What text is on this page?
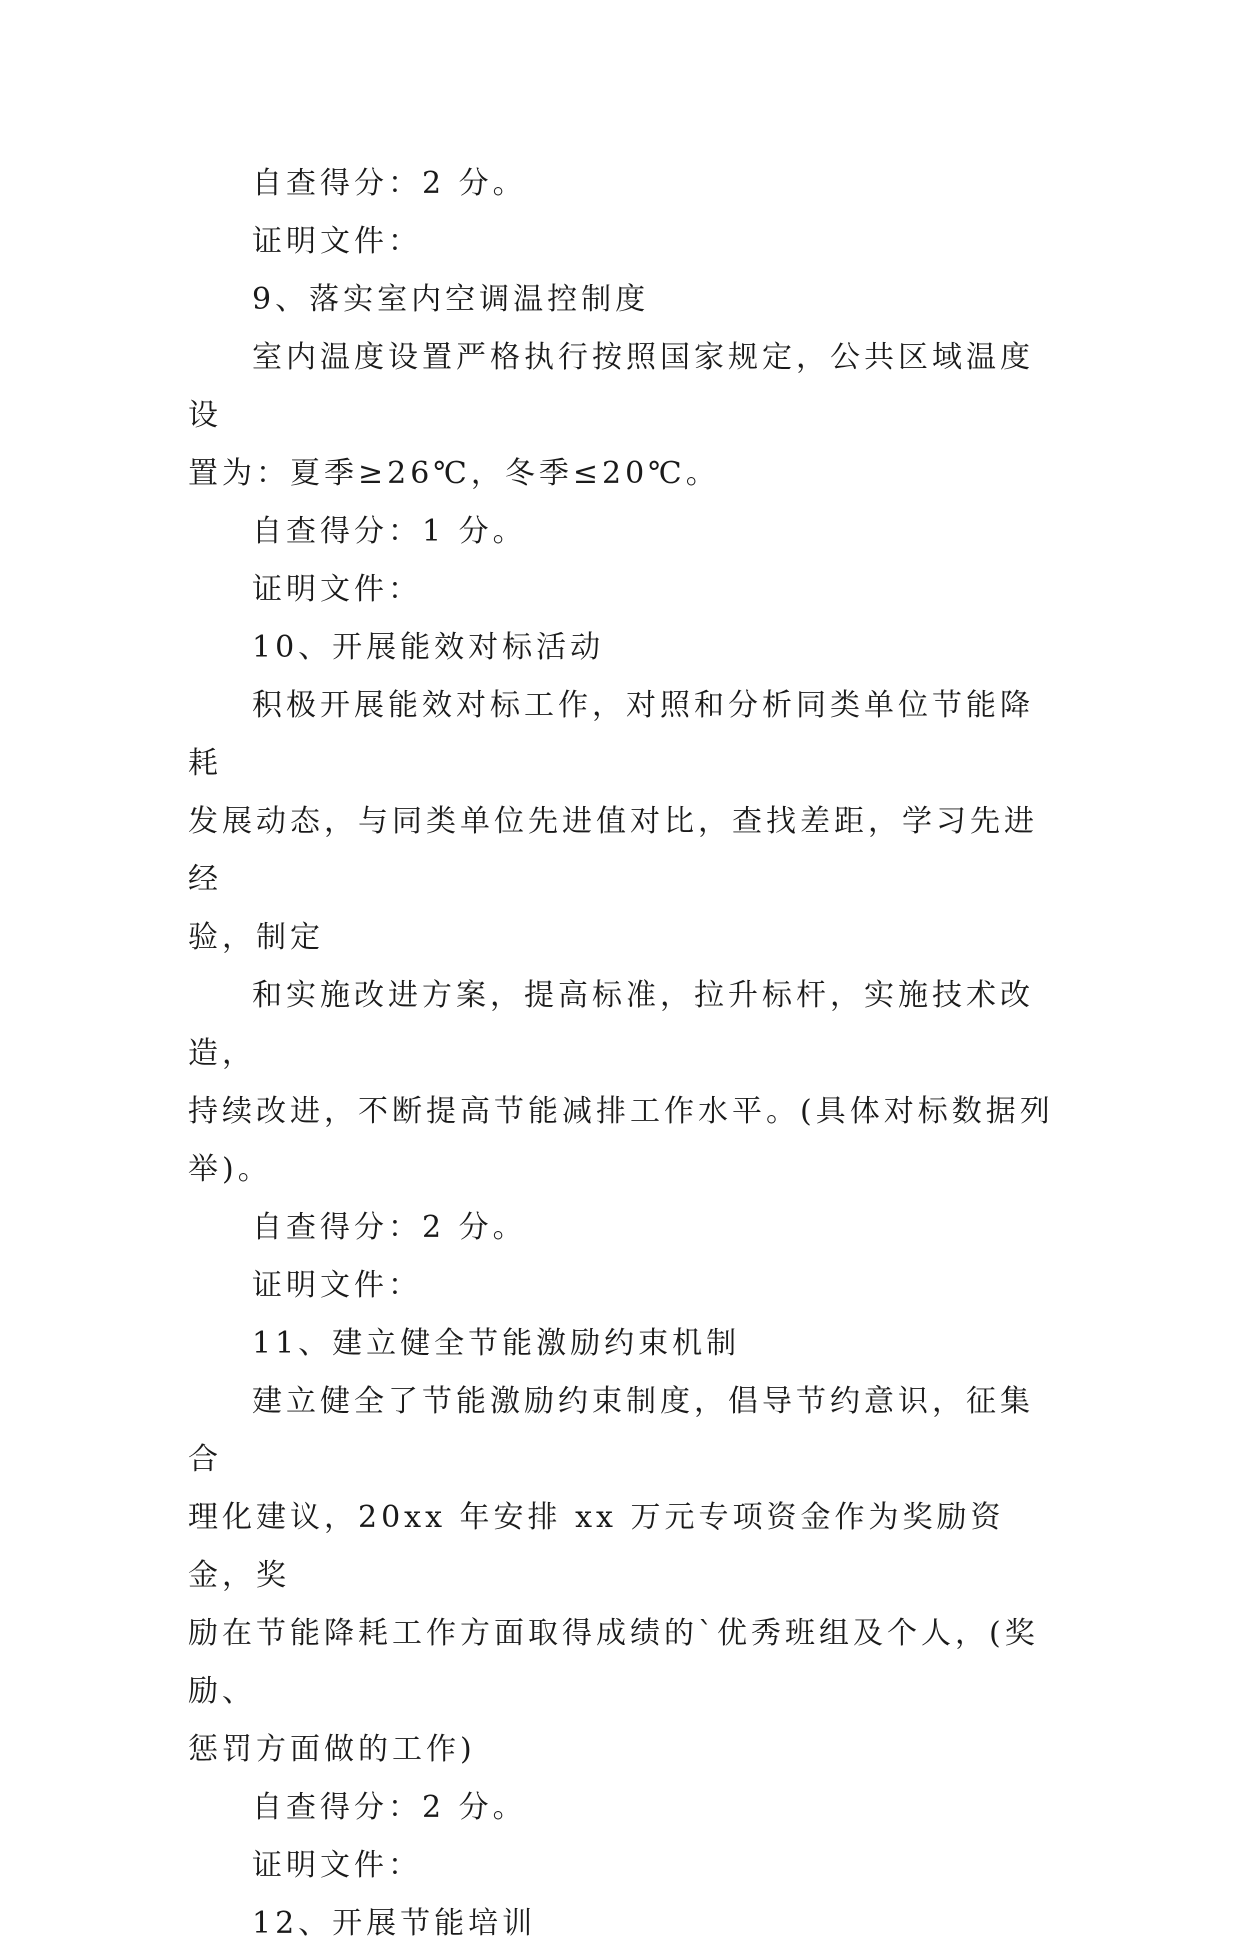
自查得分：2 分。

证明文件：

9、落实室内空调温控制度

室内温度设置严格执行按照国家规定，公共区域温度设
置为：夏季≥26℃，冬季≤20℃。

自查得分：1 分。

证明文件：

10、开展能效对标活动

积极开展能效对标工作，对照和分析同类单位节能降耗
发展动态，与同类单位先进值对比，查找差距，学习先进经
验，制定

和实施改进方案，提高标准，拉升标杆，实施技术改造，
持续改进，不断提高节能减排工作水平。(具体对标数据列
举)。

自查得分：2 分。

证明文件：

11、建立健全节能激励约束机制

建立健全了节能激励约束制度，倡导节约意识，征集合
理化建议，20xx 年安排 xx 万元专项资金作为奖励资金，奖
励在节能降耗工作方面取得成绩的`优秀班组及个人，(奖励、
惩罚方面做的工作)

自查得分：2 分。

证明文件：

12、开展节能培训
